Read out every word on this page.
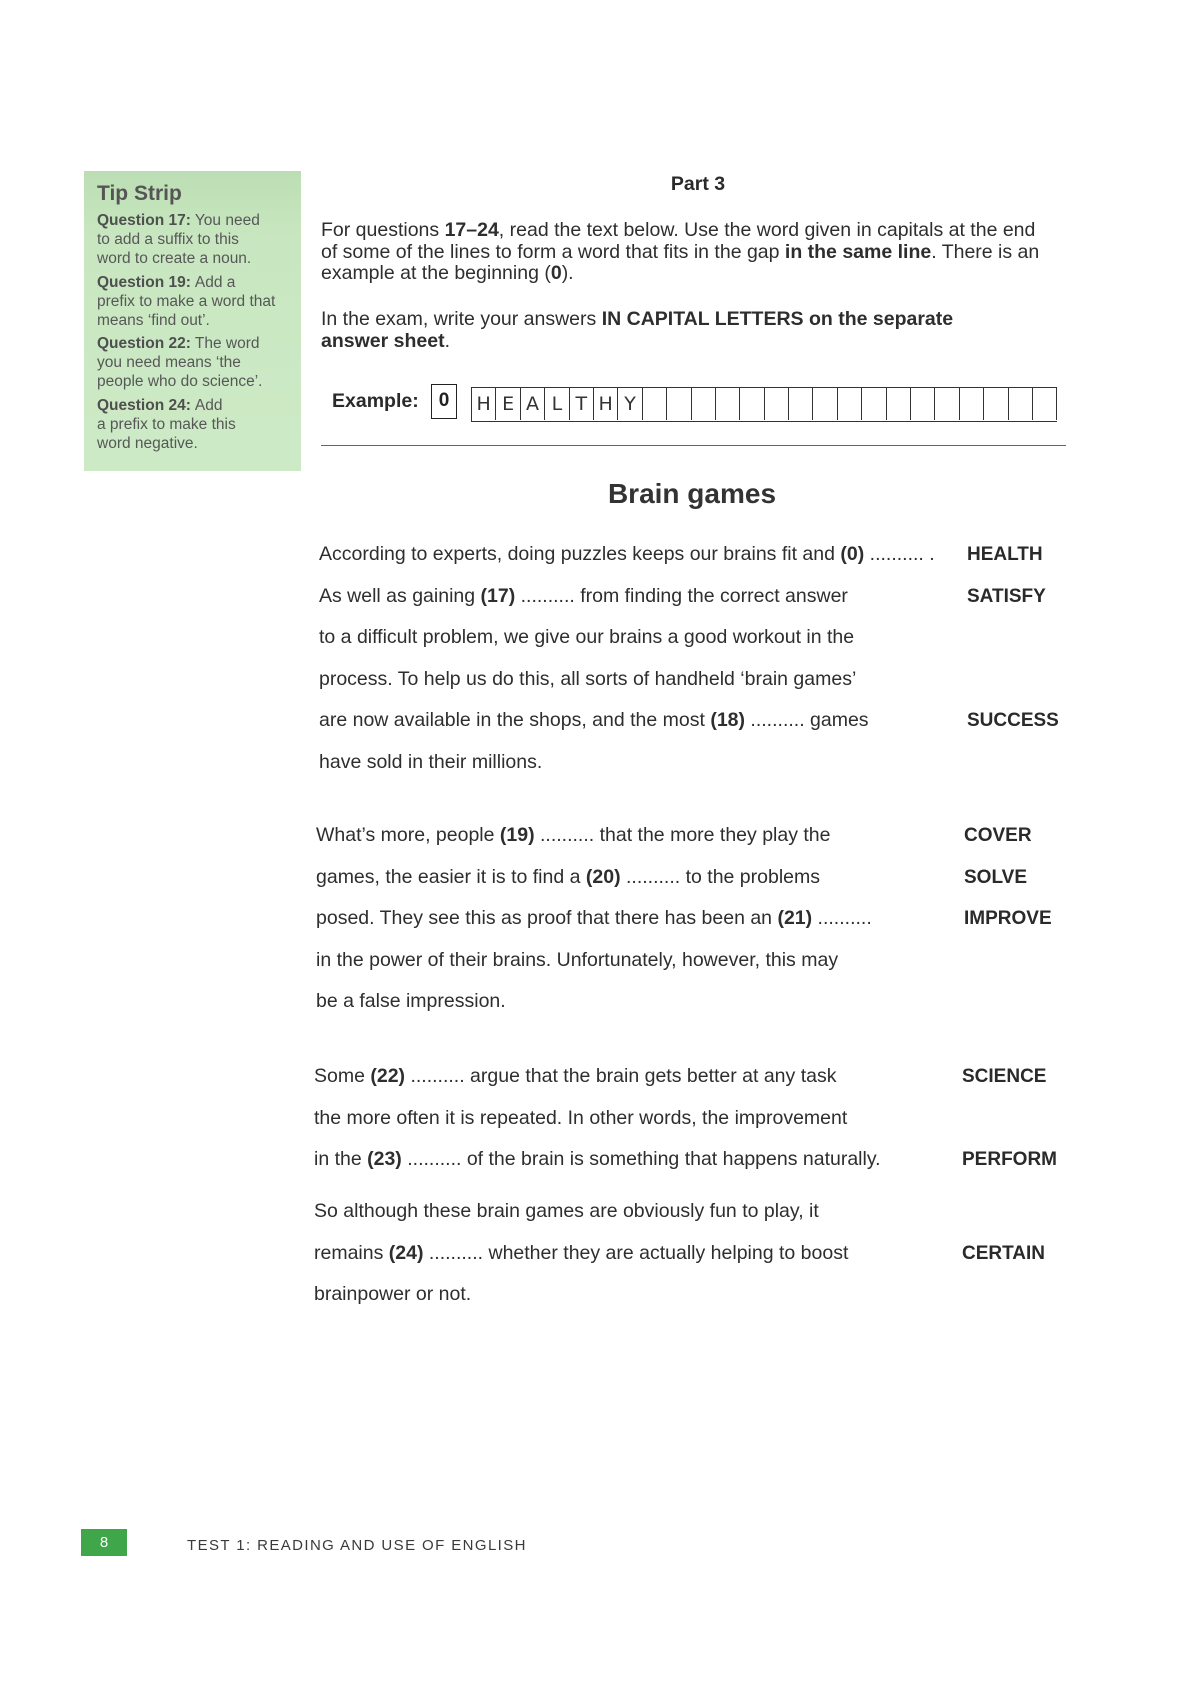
Tip Strip
Question 17: You need
to add a suffix to this
word to create a noun.
Question 19: Add a
prefix to make a word that
means ‘find out’.
Question 22: The word
you need means ‘the
people who do science’.
Question 24: Add
a prefix to make this
word negative.
Part 3
For questions 17–24, read the text below. Use the word given in capitals at the end
of some of the lines to form a word that fits in the gap in the same line. There is an
example at the beginning (0).
In the exam, write your answers IN CAPITAL LETTERS on the separate
answer sheet.
Example:	0	H E A L T H Y
Brain games
According to experts, doing puzzles keeps our brains fit and (0) .......... . HEALTH
As well as gaining (17) .......... from finding the correct answer	SATISFY
to a difficult problem, we give our brains a good workout in the
process. To help us do this, all sorts of handheld ‘brain games’
are now available in the shops, and the most (18) .......... games	SUCCESS
have sold in their millions.
What’s more, people (19) .......... that the more they play the	COVER
games, the easier it is to find a (20) .......... to the problems	SOLVE
posed. They see this as proof that there has been an (21) ..........	IMPROVE
in the power of their brains. Unfortunately, however, this may
be a false impression.
Some (22) .......... argue that the brain gets better at any task	SCIENCE
the more often it is repeated. In other words, the improvement
in the (23) .......... of the brain is something that happens naturally.	PERFORM
So although these brain games are obviously fun to play, it
remains (24) .......... whether they are actually helping to boost	CERTAIN
brainpower or not.
8	TEST 1: READING AND USE OF ENGLISH
